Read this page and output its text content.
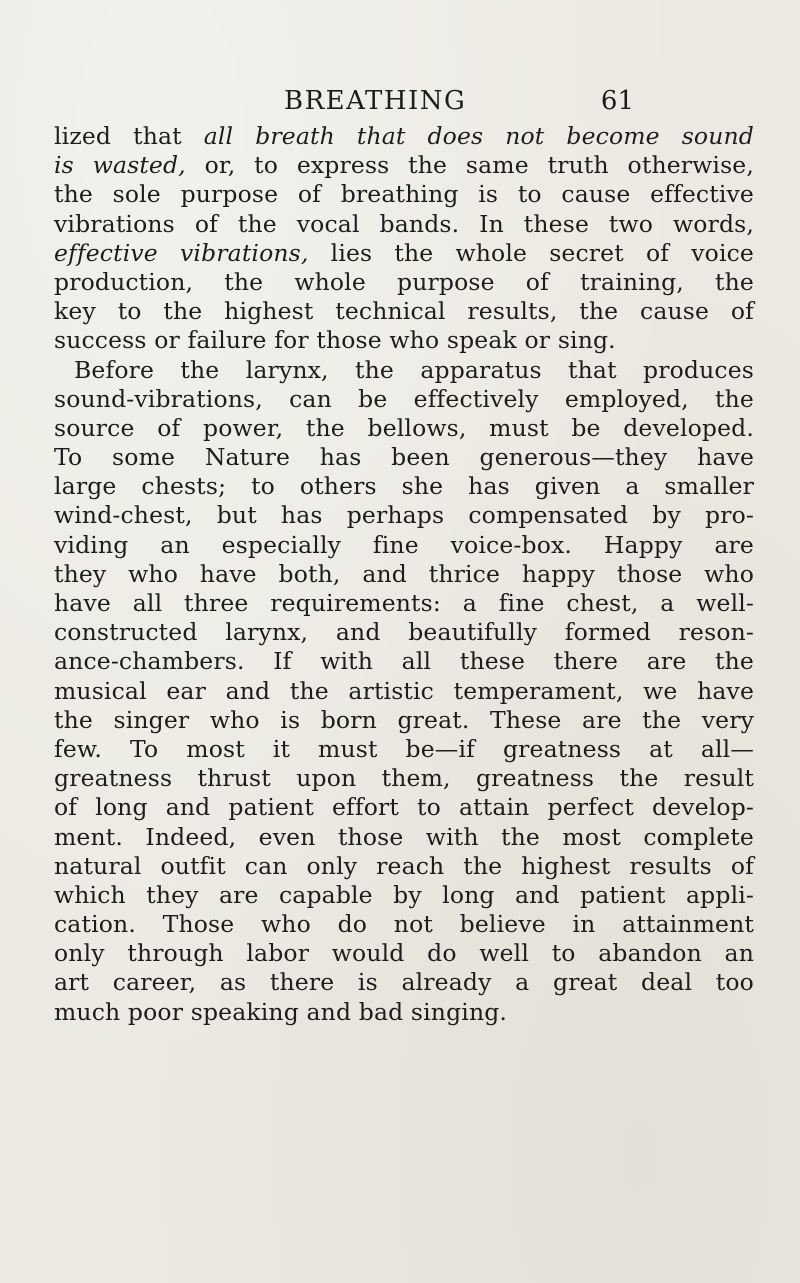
BREATHING	61
lized that all breath that does not become sound
is wasted, or, to express the same truth otherwise,
the sole purpose of breathing is to cause effective
vibrations of the vocal bands. In these two words,
effective vibrations, lies the whole secret of voice
production, the whole purpose of training, the
key to the highest technical results, the cause of
success or failure for those who speak or sing.
Before the larynx, the apparatus that produces
sound-vibrations, can be effectively employed, the
source of power, the bellows, must be developed.
To some Nature has been generous—they have
large chests; to others she has given a smaller
wind-chest, but has perhaps compensated by pro-
viding an especially fine voice-box. Happy are
they who have both, and thrice happy those who
have all three requirements: a fine chest, a well-
constructed larynx, and beautifully formed reson-
ance-chambers. If with all these there are the
musical ear and the artistic temperament, we have
the singer who is born great. These are the very
few. To most it must be—if greatness at all—
greatness thrust upon them, greatness the result
of long and patient effort to attain perfect develop-
ment. Indeed, even those with the most complete
natural outfit can only reach the highest results of
which they are capable by long and patient appli-
cation. Those who do not believe in attainment
only through labor would do well to abandon an
art career, as there is already a great deal too
much poor speaking and bad singing.
